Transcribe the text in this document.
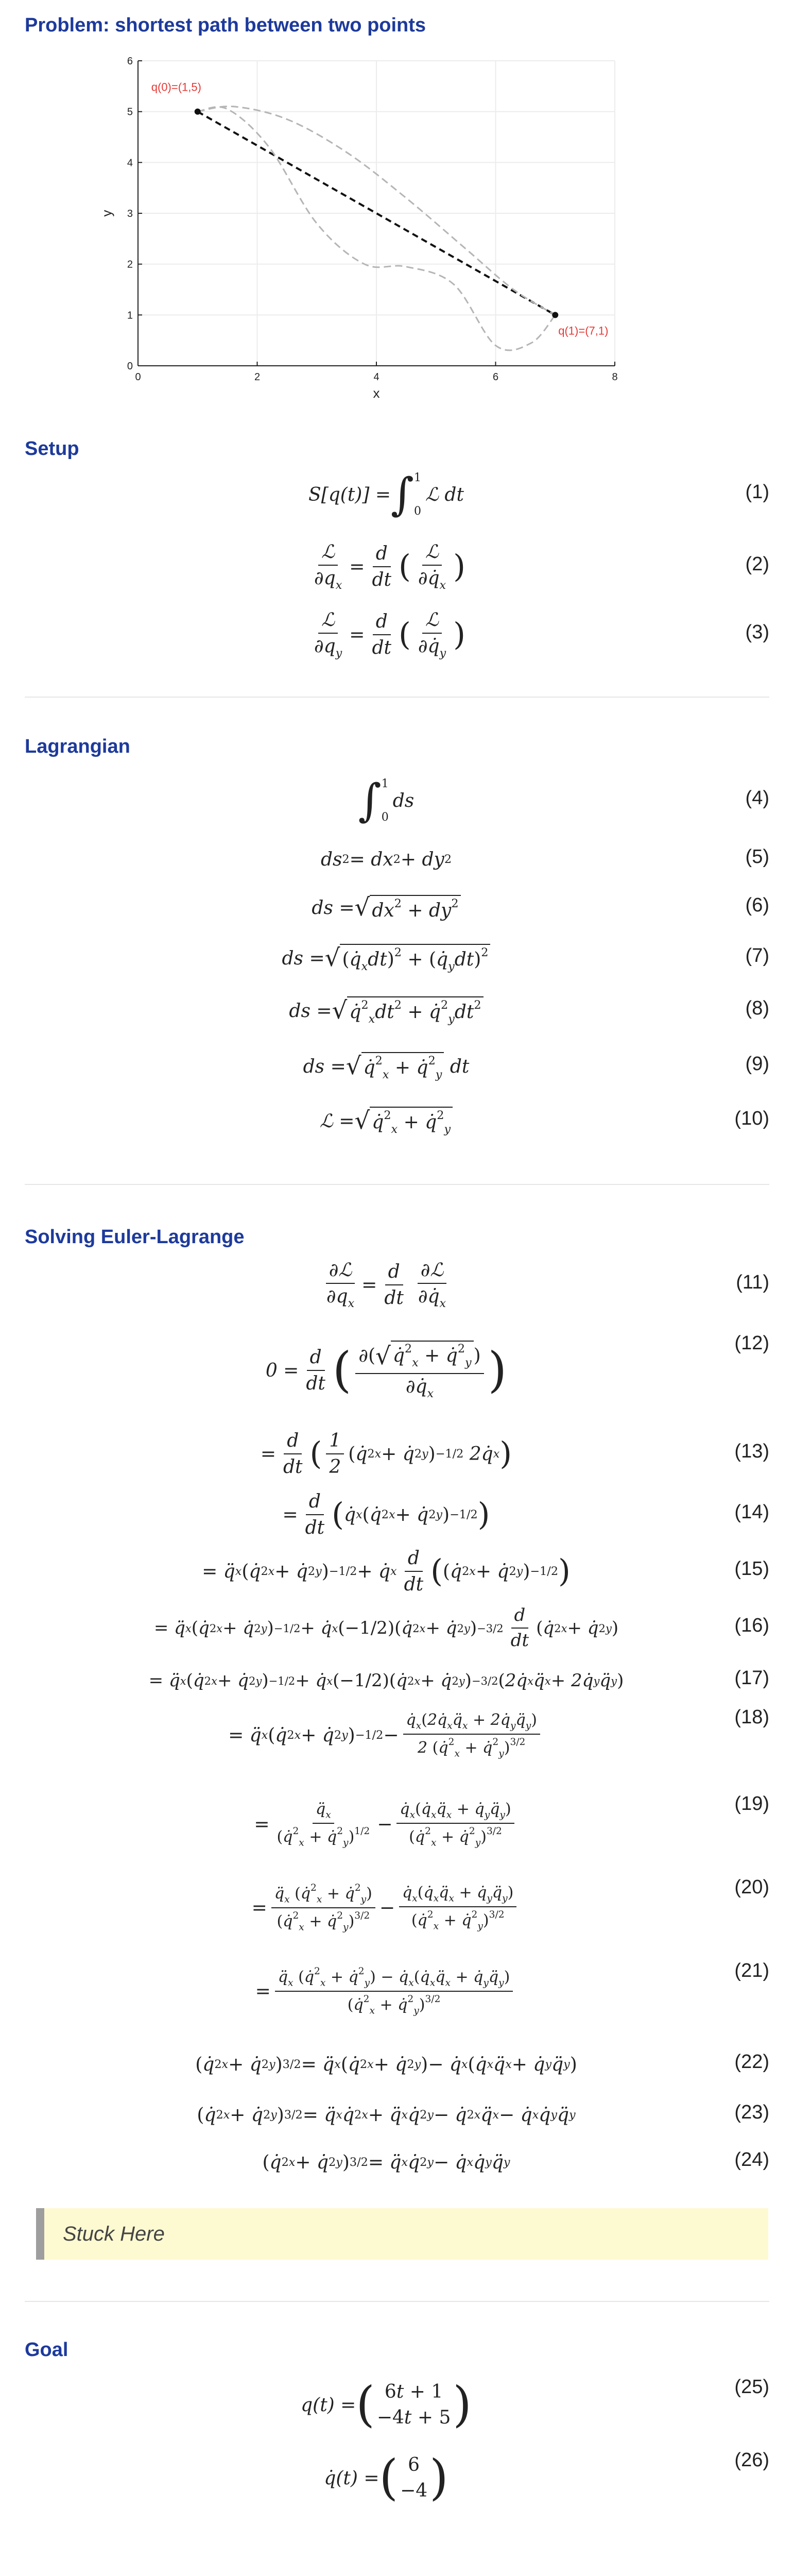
Problem: shortest path between two points
0	2	4	6	8
0
1
2
3
4
5
6
x
y
q(0)=(1,5)
q(1)=(7,1)
Setup
S[q(t)] = ∫ 1
0
ℒ

dt	(1)
$\frac{\text{ℒ}}{\partial q_x} = \frac{d}{dt}$ ( $\frac{\text{ℒ}}{\partial q̇_x}$ )	(2)
$\frac{\text{ℒ}}{\partial q_y} = \frac{d}{dt}$ ( $\frac{\text{ℒ}}{\partial q̇_y}$ )	(3)
Lagrangian
∫ 1
0
ds	(4)
ds 2 = dx 2 + dy 2	(5)
ds = √ $dx^2 + dy^2$	(6)
ds = √ $(q̇_xdt)^2$ + $(q̇_ydt)^2$	(7)
ds = √ $q̇^2_xdt^2$ + $q̇^2_ydt^2$	(8)
ds = √ q̇$^2_x$ + q̇$^2_y$ dt	(9)
ℒ = √ q̇$^2_x$ + q̇$^2_y$	(10)
Solving Euler-Lagrange
$\frac{\text{∂ℒ}}{\partial q_x} = \frac{d}{dt} \frac{\text{∂ℒ}}{\partial q̇_x}$	(11)
$0 = \frac{d}{dt}$ ( $\frac{\partial(√ q̇^2_x + q̇^2_y )}{\partial q̇_x}$ )	(12)
= $\frac{d}{dt}$ ( $\frac{1}{2}$ ( q̇ 2 x + q̇ 2 y ) −1/2 2q̇ x )	(13)
= $\frac{d}{dt}$ ( q̇ x ( q̇ 2 x + q̇ 2 y ) −1/2 )	(14)
= q̈ x ( q̇ 2 x + q̇ 2 y ) −1/2 + q̇ x $\frac{d}{dt}$ ( ( q̇ 2 x + q̇ 2 y ) −1/2 )	(15)
= q̈ x ( q̇ 2 x + q̇ 2 y ) −1/2 + q̇ x (−1/2) ( q̇ 2 x + q̇ 2 y ) $-3/2 \frac{d}{dt}$ ( q̇ 2 x + q̇ 2 y )	(16)
= q̈ x ( q̇ 2 x + q̇ 2 y ) −1/2 + q̇ x (−1/2) ( q̇ 2 x + q̇ 2 y ) −3/2 ( 2q̇ x q̈ x + 2q̇ y q̈ y )	(17)
= q̈ x ( q̇ 2 x + q̇ 2 y ) $-1/2 - \frac{q̇_x(2q̇_xq̈_x + 2q̇_yq̈_y)}{2 (q̇^2_x + q̇^2_y)^{3/2}}$	(18)
= $\frac{q̈_x}{(q̇^2_x + q̇^2_y)^{1/2}} - \frac{q̇_x(q̇_xq̈_x + q̇_yq̈_y)}{(q̇^2_x + q̇^2_y)^{3/2}}$	(19)
= $\frac{q̈_x (q̇^2_x + q̇^2_y)}{(q̇^2_x + q̇^2_y)^{3/2}} - \frac{q̇_x(q̇_xq̈_x + q̇_yq̈_y)}{(q̇^2_x + q̇^2_y)^{3/2}}$	(20)
= $\frac{q̈_x (q̇^2_x + q̇^2_y) - q̇_x(q̇_xq̈_x + q̇_yq̈_y)}{(q̇^2_x + q̇^2_y)^{3/2}}$	(21)
( q̇ 2 x + q̇ 2 y ) 3/2 = q̈ x ( q̇ 2 x + q̇ 2 y ) − q̇ x ( q̇ x q̈ x + q̇ y q̈ y )	(22)
( q̇ 2 x + q̇ 2 y ) 3/2 = q̈ x q̇ 2 x + q̈ x q̇ 2 y − q̇ 2 x q̈ x − q̇ x q̇ y q̈ y	(23)
( q̇ 2 x + q̇ 2 y ) 3/2 = q̈ x q̇ 2 y − q̇ x q̇ y q̈ y	(24)
Stuck Here
Goal
q(t) = ( 6t + 1
−4t + 5 )	(25)
q̇(t) = ( 6
−4 )	(26)
